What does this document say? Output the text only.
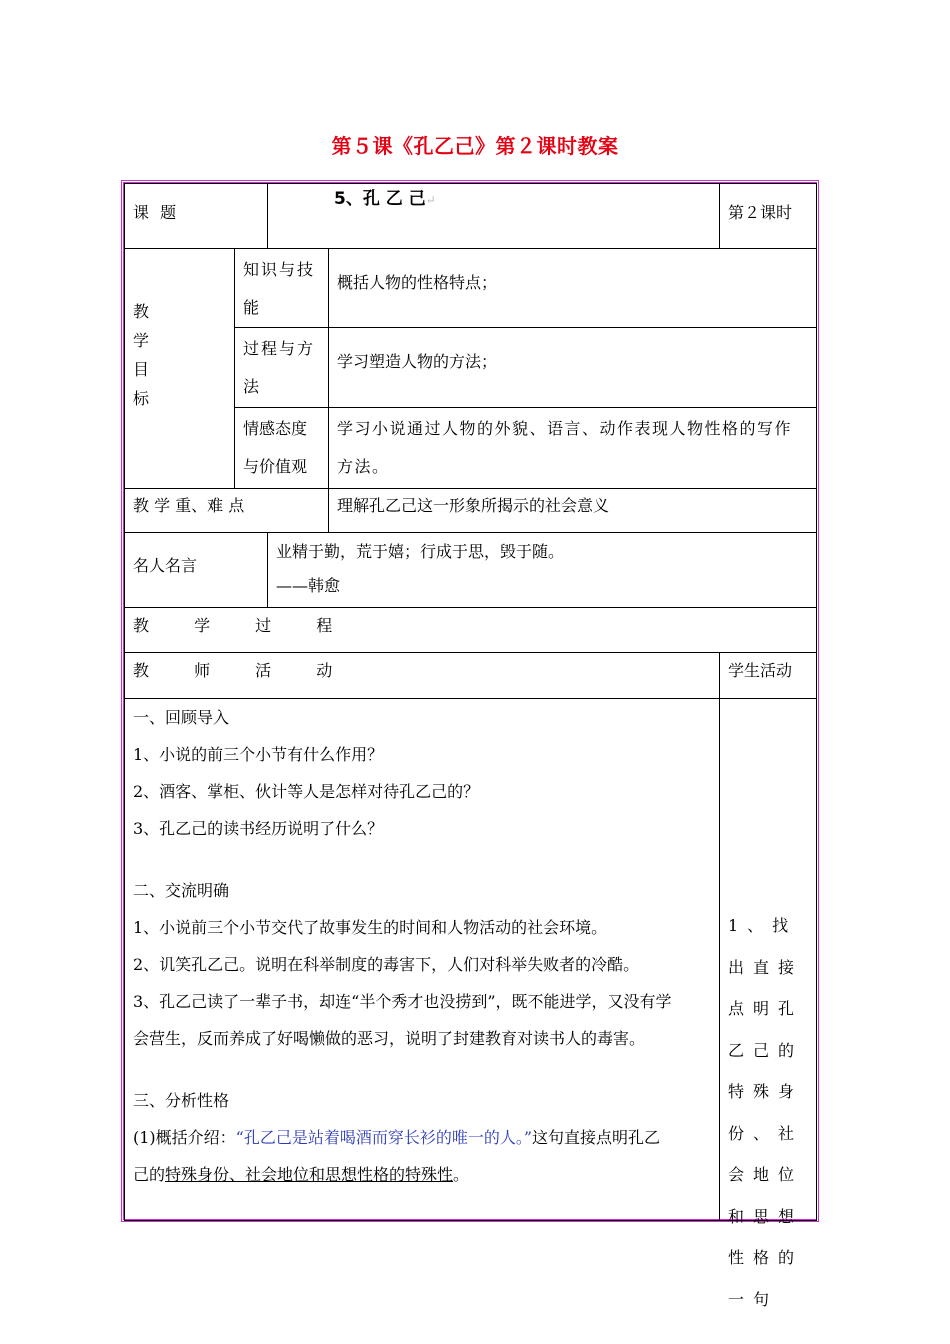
第５课《孔乙己》第２课时教案
课 题
5、孔 乙 己↵
第２课时
教
学
目
标
知识与技能
概括人物的性格特点；
过程与方法
学习塑造人物的方法；
情感态度与价值观
学习小说通过人物的外貌、语言、动作表现人物性格的写作方法。
教 学 重、难 点	理解孔乙己这一形象所揭示的社会意义
名人名言
业精于勤，荒于嬉；行成于思，毁于随。
——韩愈
教 学 过 程
教 师 活 动	学生活动
一、回顾导入
1、小说的前三个小节有什么作用？
2、酒客、掌柜、伙计等人是怎样对待孔乙己的？
3、孔乙己的读书经历说明了什么？
二、交流明确
1、小说前三个小节交代了故事发生的时间和人物活动的社会环境。
2、讥笑孔乙己。说明在科举制度的毒害下，人们对科举失败者的冷酷。
3、孔乙己读了一辈子书，却连“半个秀才也没捞到”，既不能进学，又没有学
会营生，反而养成了好喝懒做的恶习，说明了封建教育对读书人的毒害。
三、分析性格
(1)概括介绍：“孔乙己是站着喝酒而穿长衫的唯一的人。”这句直接点明孔乙
己的特殊身份、社会地位和思想性格的特殊性。
1、找出直接点明孔乙己的特殊身份、社会地位和思想性格的一句
